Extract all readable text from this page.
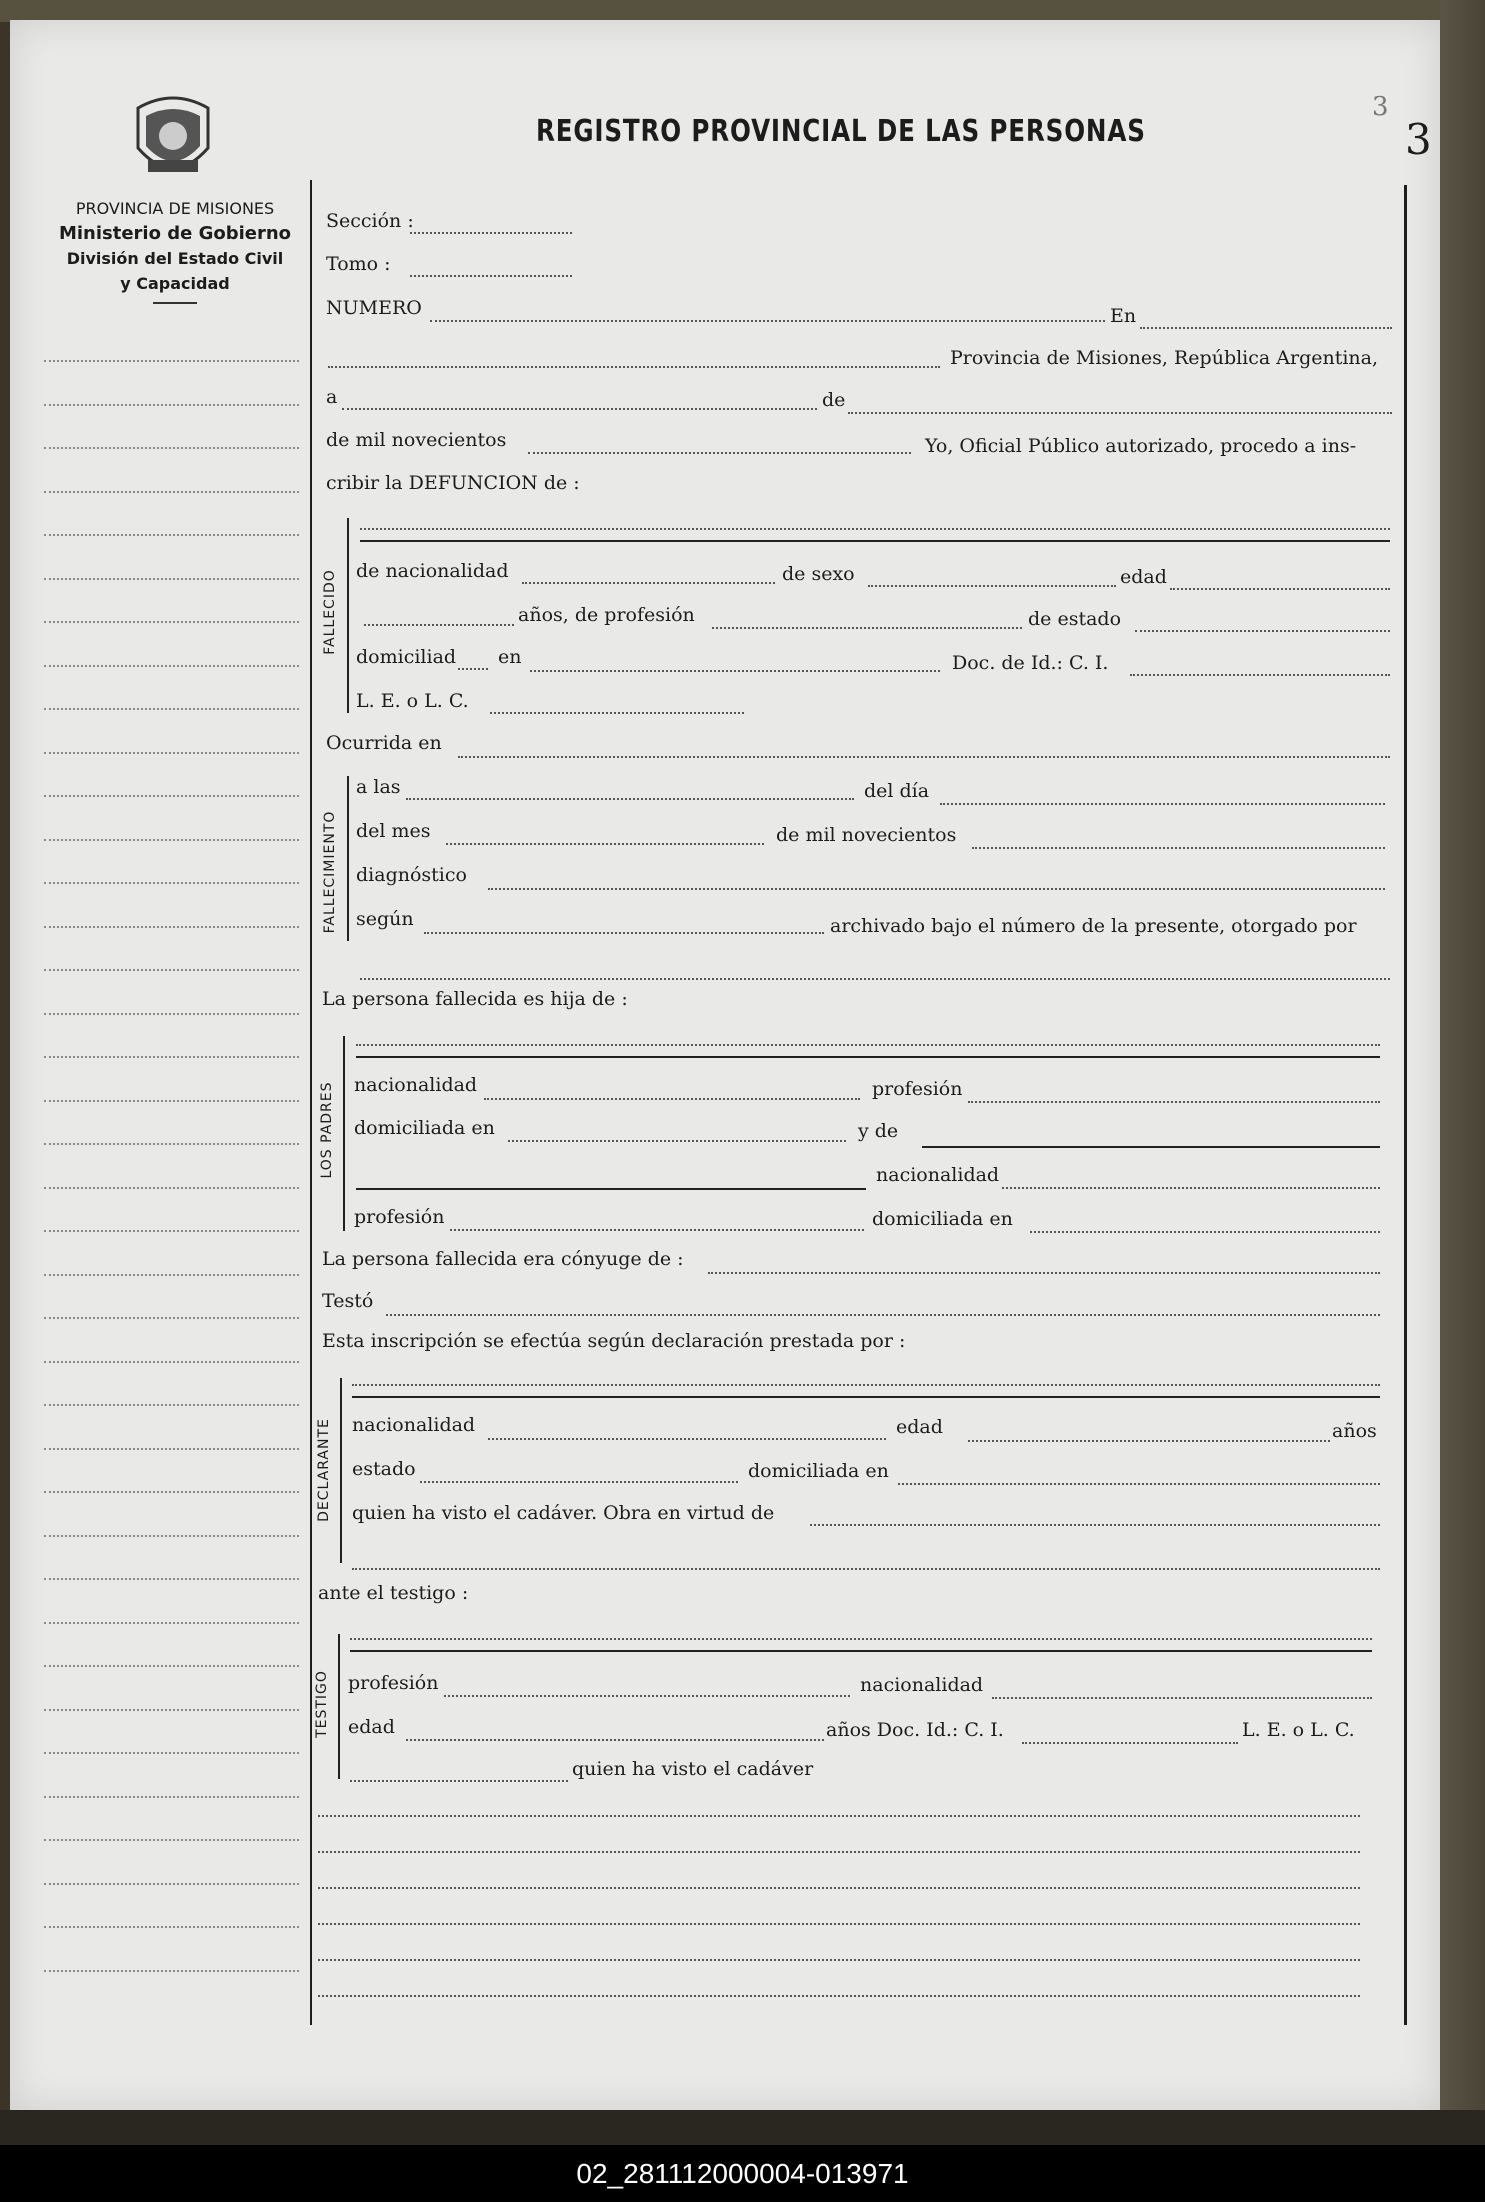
PROVINCIA DE MISIONES
Ministerio de Gobierno
División del Estado Civil
y Capacidad
REGISTRO PROVINCIAL DE LAS PERSONAS
3
3
Sección :
Tomo :
NUMERO	En
Provincia de Misiones, República Argentina,
a	de
de mil novecientos	Yo, Oficial Público autorizado, procedo a ins-
cribir la DEFUNCION de :
FALLECIDO de nacionalidad	de sexo	edad
años, de profesión	de estado
domiciliad en	Doc. de Id.: C. I.
L. E. o L. C.
Ocurrida en
FALLECIMIENTO
a las	del día
del mes	de mil novecientos
diagnóstico
según	archivado bajo el número de la presente, otorgado por
La persona fallecida es hija de :
LOS PADRES nacionalidad	profesión
domiciliada en	y de
nacionalidad
profesión	domiciliada en
La persona fallecida era cónyuge de :
Testó
Esta inscripción se efectúa según declaración prestada por :
DECLARANTE nacionalidad	edad	años
estado	domiciliada en
quien ha visto el cadáver. Obra en virtud de
ante el testigo :
TESTIGO profesión	nacionalidad
edad	años Doc. Id.: C. I.	L. E. o L. C.
quien ha visto el cadáver
02_281112000004-013971
